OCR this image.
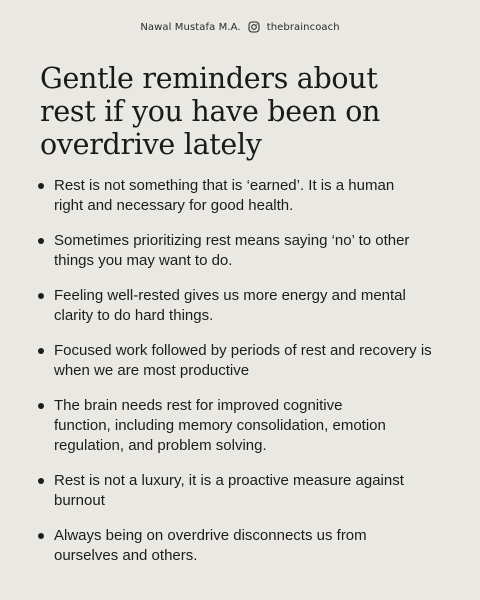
Nawal Mustafa M.A.	thebraincoach
Gentle reminders about
rest if you have been on
overdrive lately
Rest is not something that is ‘earned’. It is a human
right and necessary for good health.
Sometimes prioritizing rest means saying ‘no’ to other
things you may want to do.
Feeling well-rested gives us more energy and mental
clarity to do hard things.
Focused work followed by periods of rest and recovery is
when we are most productive
The brain needs rest for improved cognitive
function, including memory consolidation, emotion
regulation, and problem solving.
Rest is not a luxury, it is a proactive measure against
burnout
Always being on overdrive disconnects us from
ourselves and others.
